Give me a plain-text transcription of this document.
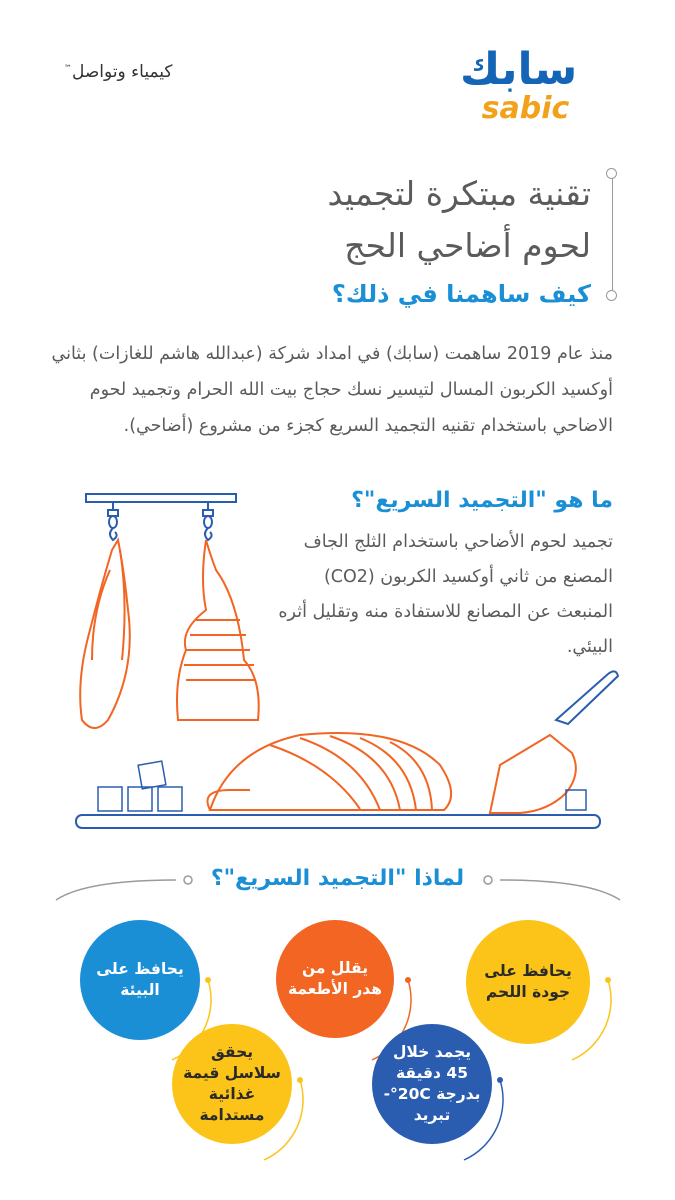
كيمياء وتواصل™	سابك
sabic
تقنية مبتكرة لتجميد
لحوم أضاحي الحج
كيف ساهمنا في ذلك؟
منذ عام 2019 ساهمت (سابك) في امداد شركة (عبدالله هاشم للغازات) بثاني أوكسيد الكربون المسال لتيسير نسك حجاج بيت الله الحرام وتجميد لحوم الاضاحي باستخدام تقنيه التجميد السريع كجزء من مشروع (أضاحي).
ما هو "التجميد السريع"؟
تجميد لحوم الأضاحي باستخدام الثلج الجاف المصنع من ثاني أوكسيد الكربون (CO2) المنبعث عن المصانع للاستفادة منه وتقليل أثره البيئي.
لماذا "التجميد السريع"؟
يحافظ على جودة اللحم
يقلل من هدر الأطعمة
يحافظ على البيئة
يجمد خلال 45 دقيقة بدرجة 20C°- تبريد
يحقق سلاسل قيمة غذائية مستدامة
